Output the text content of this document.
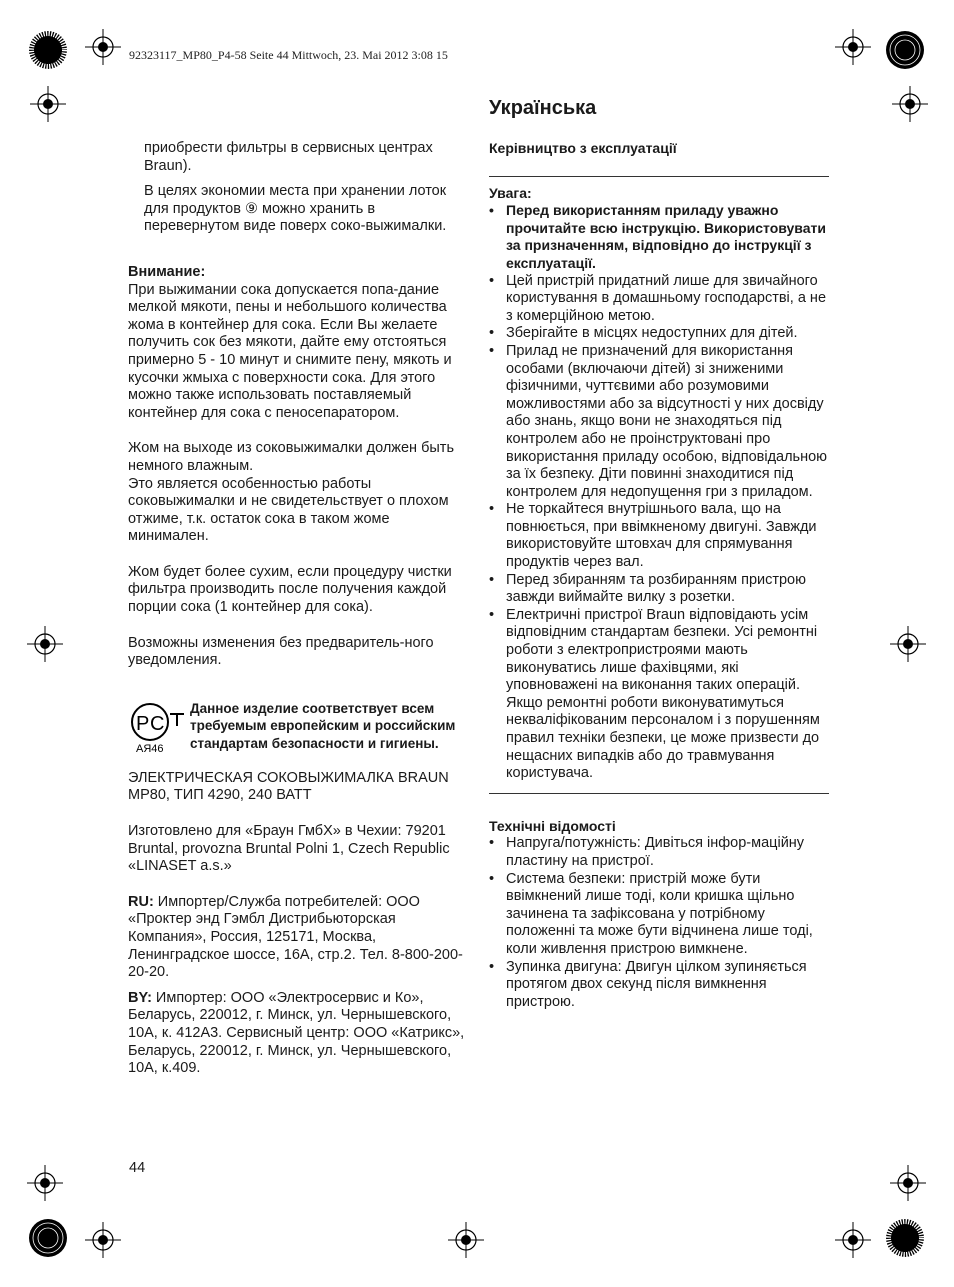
92323117_MP80_P4-58 Seite 44 Mittwoch, 23. Mai 2012 3:08 15

приобрести фильтры в сервисных центрах Braun).

В целях экономии места при хранении лоток для продуктов ⑨ можно хранить в перевернутом виде поверх соко-выжималки.

Внимание:

При выжимании сока допускается попа-дание мелкой мякоти, пены и небольшого количества жома в контейнер для сока. Если Вы желаете получить сок без мякоти, дайте ему отстояться примерно 5 - 10 минут и снимите пену, мякоть и кусочки жмыха с поверхности сока. Для этого можно также использовать поставляемый контейнер для сока с пеносепаратором.

Жом на выходе из соковыжималки должен быть немного влажным.
Это является особенностью работы соковыжималки и не свидетельствует о плохом отжиме, т.к. остаток сока в таком жоме минимален.

Жом будет более сухим, если процедуру чистки фильтра производить после получения каждой порции сока (1 контейнер для сока).

Возможны изменения без предваритель-ного уведомления.

Р С
АЯ46

Данное изделие соответствует всем требуемым европейским и российским стандартам безопасности и гигиены.

ЭЛЕКТРИЧЕСКАЯ СОКОВЫЖИМАЛКА BRAUN MP80, ТИП 4290, 240 ВАТТ

Изготовлено для «Браун ГмбХ» в Чехии: 79201 Bruntal, provozna Bruntal Polni 1, Czech Republic «LINASET a.s.»

RU: Импортер/Служба потребителей: ООО «Проктер энд Гэмбл Дистрибьюторская Компания», Россия, 125171, Москва, Ленинградское шоссе, 16А, стр.2. Тел. 8-800-200-20-20.

BY: Импортер: ООО «Электросервис и Ко», Беларусь, 220012, г. Минск, ул. Чернышевского, 10А, к. 412А3. Сервисный центр: ООО «Катрикс», Беларусь, 220012, г. Минск, ул. Чернышевского, 10А, к.409.

Українська

Керівництво з експлуатації

Увага:

• Перед використанням приладу уважно прочитайте всю інструкцію. Використовувати за призначенням, відповідно до інструкції з експлуатації.
• Цей пристрій придатний лише для звичайного користування в домашньому господарстві, а не з комерційною метою.
• Зберігайте в місцях недоступних для дітей.
• Прилад не призначений для використання особами (включаючи дітей) зі зниженими фізичними, чуттєвими або розумовими можливостями або за відсутності у них досвіду або знань, якщо вони не знаходяться під контролем або не проінструктовані про використання приладу особою, відповідальною за їх безпеку. Діти повинні знаходитися під контролем для недопущення гри з приладом.
• Не торкайтеся внутрішнього вала, що на повнюється, при ввімкненому двигуні. Завжди використовуйте штовхач для спрямування продуктів через вал.
• Перед збиранням та розбиранням пристрою завжди виймайте вилку з розетки.
• Електричні пристрої Braun відповідають усім відповідним стандартам безпеки. Усі ремонтні роботи з електропристроями мають виконуватись лише фахівцями, які уповноважені на виконання таких операцій. Якщо ремонтні роботи виконуватимуться некваліфікованим персоналом і з порушенням правил техніки безпеки, це може призвести до нещасних випадків або до травмування користувача.

Технічні відомості

• Напруга/потужність: Дивіться інфор-маційну пластину на пристрої.
• Система безпеки: пристрій може бути ввімкнений лише тоді, коли кришка щільно зачинена та зафіксована у потрібному положенні та може бути відчинена лише тоді, коли живлення пристрою вимкнене.
• Зупинка двигуна: Двигун цілком зупиняється протягом двох секунд після вимкнення пристрою.
44
